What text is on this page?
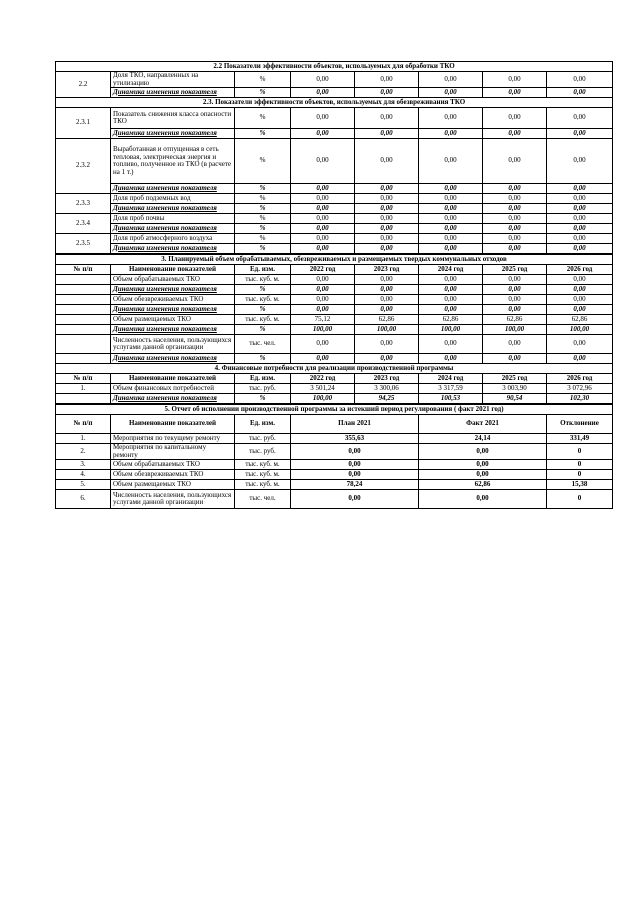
2.2 Показатели эффективности объектов, используемых для обработки ТКО							
2.2	Доля ТКО, направленных на утилизацию	%	0,00	0,00	0,00	0,00	0,00
	Динамика изменения показателя	%	0,00	0,00	0,00	0,00	0,00
2.3. Показатели эффективности объектов, используемых для обезвреживания ТКО							
2.3.1	Показатель снижения класса опасности ТКО	%	0,00	0,00	0,00	0,00	0,00
	Динамика изменения показателя	%	0,00	0,00	0,00	0,00	0,00
2.3.2	Выработанная и отпущенная в сеть тепловая, электрическая энергия и топливо, полученное из ТКО (в расчете на 1 т.)	%	0,00	0,00	0,00	0,00	0,00
	Динамика изменения показателя	%	0,00	0,00	0,00	0,00	0,00
2.3.3	Доля проб подземных вод	%	0,00	0,00	0,00	0,00	0,00
	Динамика изменения показателя	%	0,00	0,00	0,00	0,00	0,00
2.3.4	Доля проб почвы	%	0,00	0,00	0,00	0,00	0,00
	Динамика изменения показателя	%	0,00	0,00	0,00	0,00	0,00
2.3.5	Доля проб атмосферного воздуха	%	0,00	0,00	0,00	0,00	0,00
	Динамика изменения показателя	%	0,00	0,00	0,00	0,00	0,00
3. Планируемый объем обрабатываемых, обезвреживаемых и размещаемых твердых коммунальных отходов							
№ п/п	Наименование показателей	Ед. изм.	2022 год	2023 год	2024 год	2025 год	2026 год
	Объем обрабатываемых ТКО	тыс. куб. м.	0,00	0,00	0,00	0,00	0,00
	Динамика изменения показателя	%	0,00	0,00	0,00	0,00	0,00
	Объем обезвреживаемых ТКО	тыс. куб. м.	0,00	0,00	0,00	0,00	0,00
	Динамика изменения показателя	%	0,00	0,00	0,00	0,00	0,00
	Объем размещаемых ТКО	тыс. куб. м.	75,12	62,86	62,86	62,86	62,86
	Динамика изменения показателя	%	100,00	100,00	100,00	100,00	100,00
	Численность населения, пользующихся услугами данной организации	тыс. чел.	0,00	0,00	0,00	0,00	0,00
	Динамика изменения показателя	%	0,00	0,00	0,00	0,00	0,00
4. Финансовые потребности для реализации производственной программы							
№ п/п	Наименование показателей	Ед. изм.	2022 год	2023 год	2024 год	2025 год	2026 год
1.	Объем финансовых потребностей	тыс. руб.	3 501,24	3 300,06	3 317,59	3 003,90	3 072,96
	Динамика изменения показателя	%	100,00	94,25	100,53	90,54	102,30
5. Отчет об исполнении производственной программы за истекший период регулирования ( факт 2021 год)					
№ п/п	Наименование показателей	Ед. изм.	План 2021	Факт 2021	Отклонение
1.	Мероприятия по текущему ремонту	тыс. руб.	355,63	24,14	331,49
2.	Мероприятия по капитальному ремонту	тыс. руб.	0,00	0,00	0
3.	Объем обрабатываемых ТКО	тыс. куб. м.	0,00	0,00	0
4.	Объем обезвреживаемых ТКО	тыс. куб. м.	0,00	0,00	0
5.	Объем размещаемых ТКО	тыс. куб. м.	78,24	62,86	15,38
6.	Численность населения, пользующихся услугами данной организации	тыс. чел.	0,00	0,00	0
